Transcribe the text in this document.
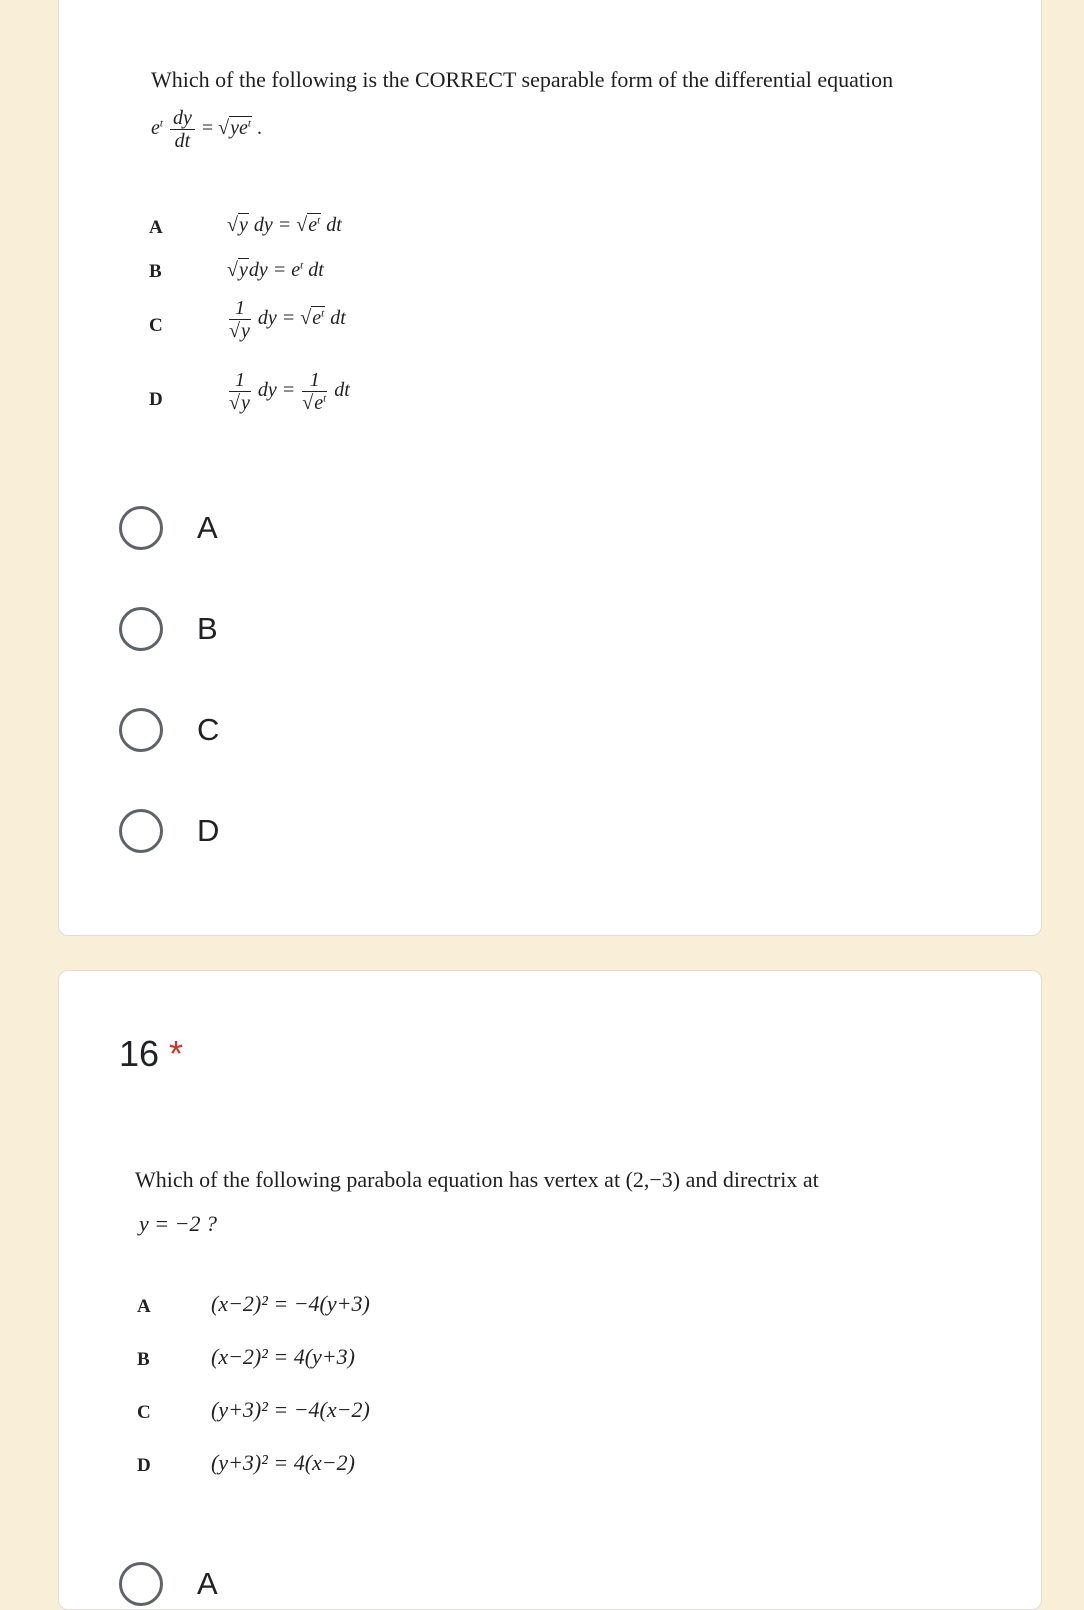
Which of the following is the CORRECT separable form of the differential equation
$e^t \frac{dy}{dt} = √ye^t$ .
A	√y dy = $√e^t$ dt
B	$√ydy = e^t$ dt
C	$\frac{1}{√y}$ dy = $√e^t$ dt
D	$\frac{1}{√y}$ dy = $\frac{1}{√e^t}$ dt
A
B
C
D
16 *
Which of the following parabola equation has vertex at (2,−3) and directrix at
y = −2 ?
A	(x−2)² = −4(y+3)
B	(x−2)² = 4(y+3)
C	(y+3)² = −4(x−2)
D	(y+3)² = 4(x−2)
A
